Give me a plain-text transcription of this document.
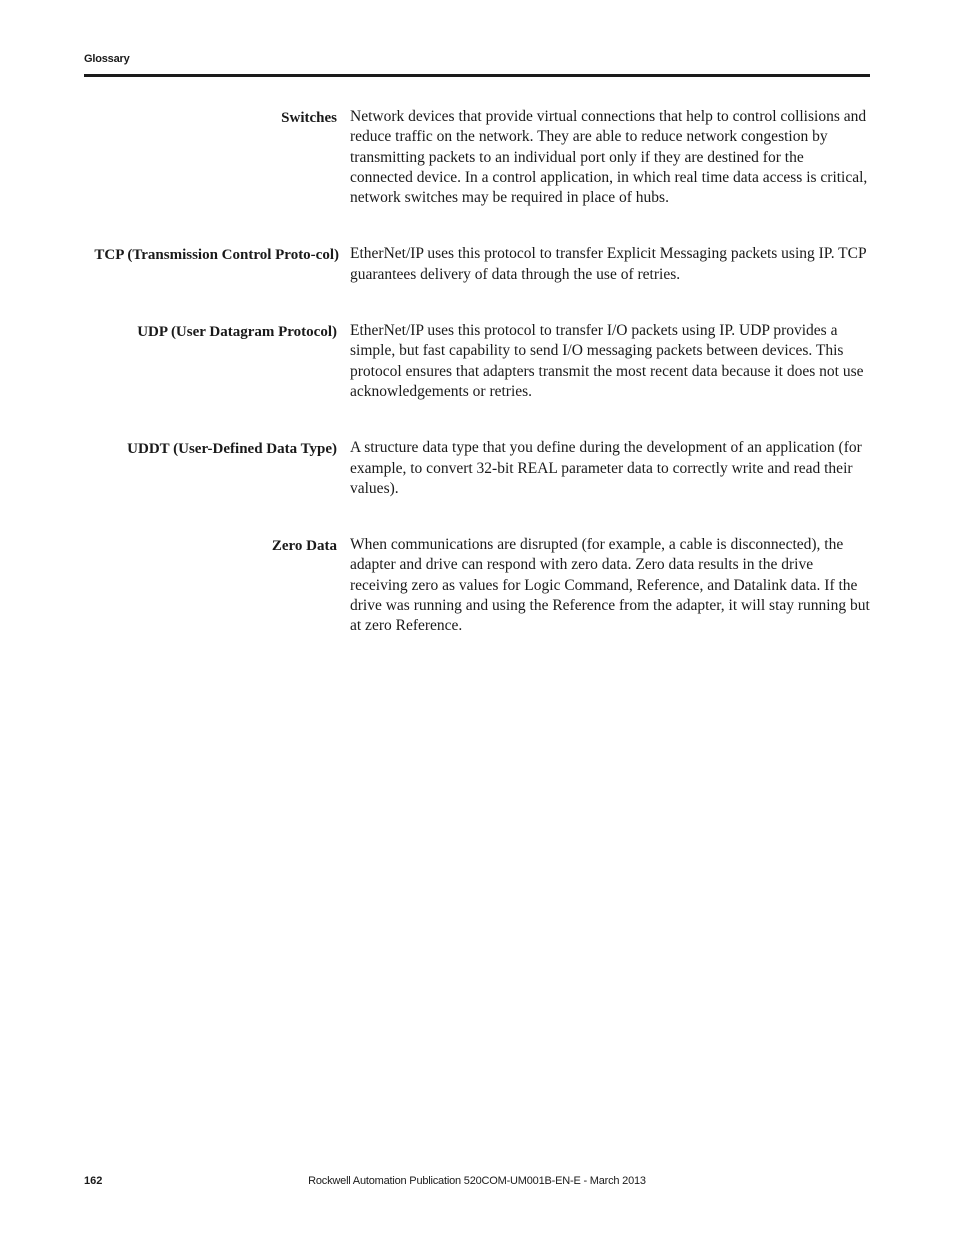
Glossary
Switches Network devices that provide virtual connections that help to control collisions and reduce traffic on the network. They are able to reduce network congestion by transmitting packets to an individual port only if they are destined for the connected device. In a control application, in which real time data access is critical, network switches may be required in place of hubs.
TCP (Transmission Control Proto-col) EtherNet/IP uses this protocol to transfer Explicit Messaging packets using IP. TCP guarantees delivery of data through the use of retries.
UDP (User Datagram Protocol) EtherNet/IP uses this protocol to transfer I/O packets using IP. UDP provides a simple, but fast capability to send I/O messaging packets between devices. This protocol ensures that adapters transmit the most recent data because it does not use acknowledgements or retries.
UDDT (User-Defined Data Type) A structure data type that you define during the development of an application (for example, to convert 32-bit REAL parameter data to correctly write and read their values).
Zero Data When communications are disrupted (for example, a cable is disconnected), the adapter and drive can respond with zero data. Zero data results in the drive receiving zero as values for Logic Command, Reference, and Datalink data. If the drive was running and using the Reference from the adapter, it will stay running but at zero Reference.
Rockwell Automation Publication 520COM-UM001B-EN-E - March 2013
162
